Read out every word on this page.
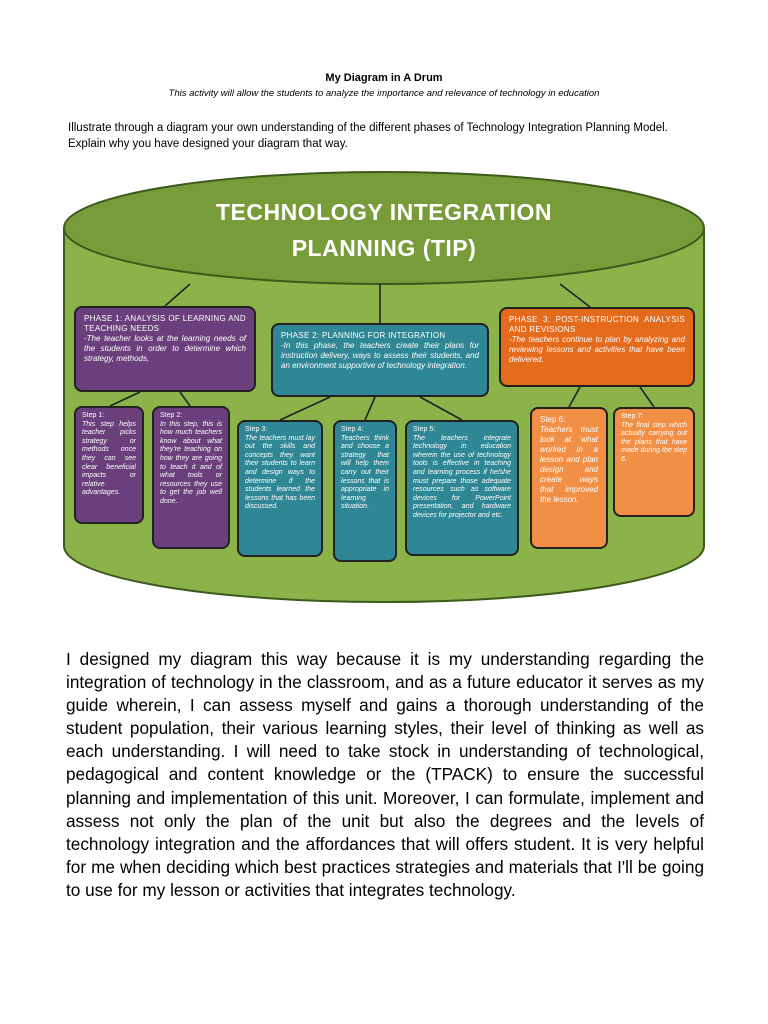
My Diagram in A Drum
This activity will allow the students to analyze the importance and relevance of technology in education
Illustrate through a diagram your own understanding of the different phases of Technology Integration Planning Model. Explain why you have designed your diagram that way.
TECHNOLOGY INTEGRATION
PLANNING (TIP)
PHASE 1: ANALYSIS OF LEARNING AND TEACHING NEEDS
-The teacher looks at the learning needs of the students in order to determine which strategy, methods,
PHASE 2: PLANNING FOR INTEGRATION
-In this phase, the teachers create their plans for instruction delivery, ways to assess their students, and an environment supportive of technology integration.
PHASE 3: POST-INSTRUCTION ANALYSIS AND REVISIONS
-The teachers continue to plan by analyzing and reviewing lessons and activities that have been delivered.
Step 1:
This step helps teacher picks strategy or methods once they can see clear beneficial impacts or relative advantages.
Step 2:
In this step, this is how much teachers know about what they're teaching on how they are going to teach it and of what tools or resources they use to get the job well done.
Step 3:
The teachers must lay out the skills and concepts they want their students to learn and design ways to determine if the students learned the lessons that has been discussed.
Step 4:
Teachers think and choose a strategy that will help them carry out their lessons that is appropriate in learning situation.
Step 5:
The teachers integrate technology in education wherein the use of technology tools is effective in teaching and learning process if he/she must prepare those adequate resources such as software devices for PowerPoint presentation, and hardware devices for projector and etc.
Step 6:
Teachers must look at what worked in a lesson and plan design and create ways that improved the lesson.
Step 7:
The final step which actually carrying out the plans that have made during the step 6.
I designed my diagram this way because it is my understanding regarding the integration of technology in the classroom, and as a future educator it serves as my guide wherein, I can assess myself and gains a thorough understanding of the student population, their various learning styles, their level of thinking as well as each understanding. I will need to take stock in understanding of technological, pedagogical and content knowledge or the (TPACK) to ensure the successful planning and implementation of this unit. Moreover, I can formulate, implement and assess not only the plan of the unit but also the degrees and the levels of technology integration and the affordances that will offers student. It is very helpful for me when deciding which best practices strategies and materials that I'll be going to use for my lesson or activities that integrates technology.
